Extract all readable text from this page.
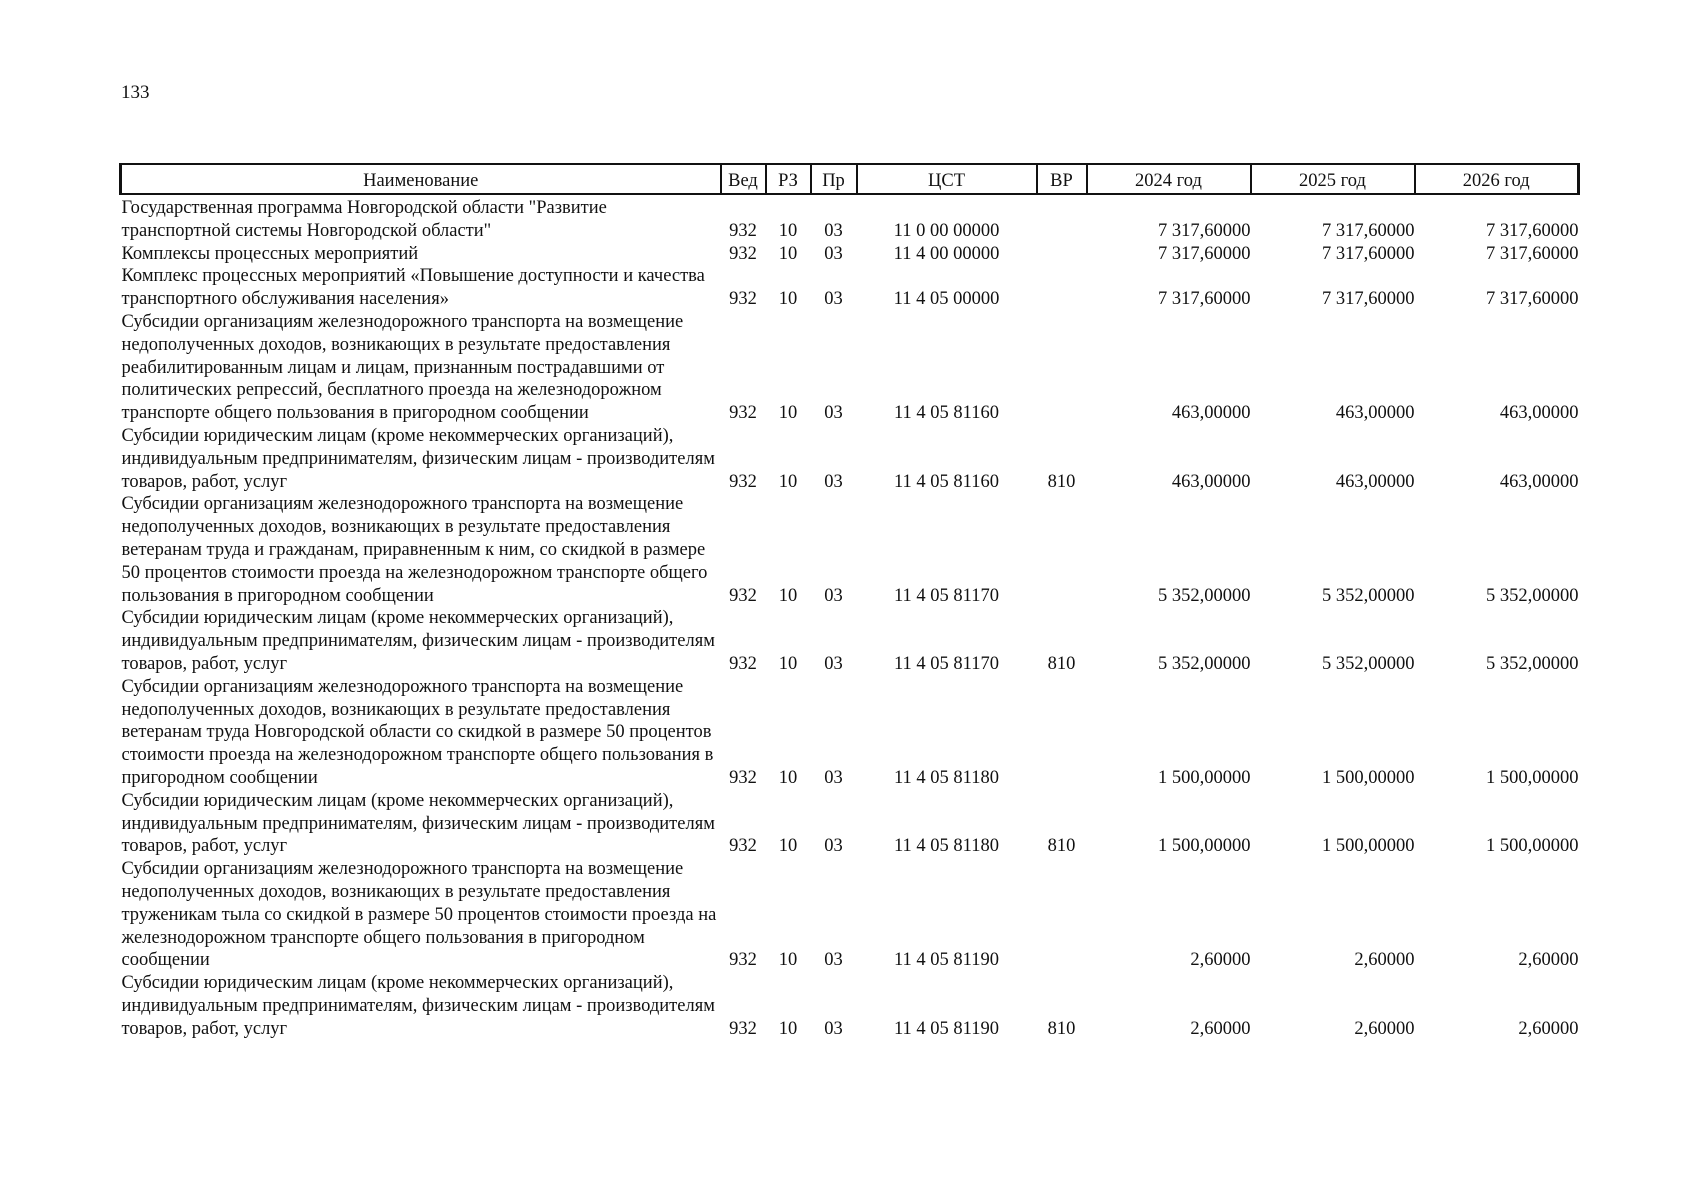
133
Наименование	Вед	РЗ	Пр	ЦСТ	ВР	2024 год	2025 год	2026 год
Государственная программа Новгородской области "Развитие транспортной системы Новгородской области"	932	10	03	11 0 00 00000		7 317,60000	7 317,60000	7 317,60000
Комплексы процессных мероприятий	932	10	03	11 4 00 00000		7 317,60000	7 317,60000	7 317,60000
Комплекс процессных мероприятий «Повышение доступности и качества транспортного обслуживания населения»	932	10	03	11 4 05 00000		7 317,60000	7 317,60000	7 317,60000
Субсидии организациям железнодорожного транспорта на возмещение недополученных доходов, возникающих в результате предоставления реабилитированным лицам и лицам, признанным пострадавшими от политических репрессий, бесплатного проезда на железнодорожном транспорте общего пользования в пригородном сообщении	932	10	03	11 4 05 81160		463,00000	463,00000	463,00000
Субсидии юридическим лицам (кроме некоммерческих организаций), индивидуальным предпринимателям, физическим лицам - производителям товаров, работ, услуг	932	10	03	11 4 05 81160	810	463,00000	463,00000	463,00000
Субсидии организациям железнодорожного транспорта на возмещение недополученных доходов, возникающих в результате предоставления ветеранам труда и гражданам, приравненным к ним, со скидкой в размере 50 процентов стоимости проезда на железнодорожном транспорте общего пользования в пригородном сообщении	932	10	03	11 4 05 81170		5 352,00000	5 352,00000	5 352,00000
Субсидии юридическим лицам (кроме некоммерческих организаций), индивидуальным предпринимателям, физическим лицам - производителям товаров, работ, услуг	932	10	03	11 4 05 81170	810	5 352,00000	5 352,00000	5 352,00000
Субсидии организациям железнодорожного транспорта на возмещение недополученных доходов, возникающих в результате предоставления ветеранам труда Новгородской области со скидкой в размере 50 процентов стоимости проезда на железнодорожном транспорте общего пользования в пригородном сообщении	932	10	03	11 4 05 81180		1 500,00000	1 500,00000	1 500,00000
Субсидии юридическим лицам (кроме некоммерческих организаций), индивидуальным предпринимателям, физическим лицам - производителям товаров, работ, услуг	932	10	03	11 4 05 81180	810	1 500,00000	1 500,00000	1 500,00000
Субсидии организациям железнодорожного транспорта на возмещение недополученных доходов, возникающих в результате предоставления труженикам тыла со скидкой в размере 50 процентов стоимости проезда на железнодорожном транспорте общего пользования в пригородном сообщении	932	10	03	11 4 05 81190		2,60000	2,60000	2,60000
Субсидии юридическим лицам (кроме некоммерческих организаций), индивидуальным предпринимателям, физическим лицам - производителям товаров, работ, услуг	932	10	03	11 4 05 81190	810	2,60000	2,60000	2,60000
